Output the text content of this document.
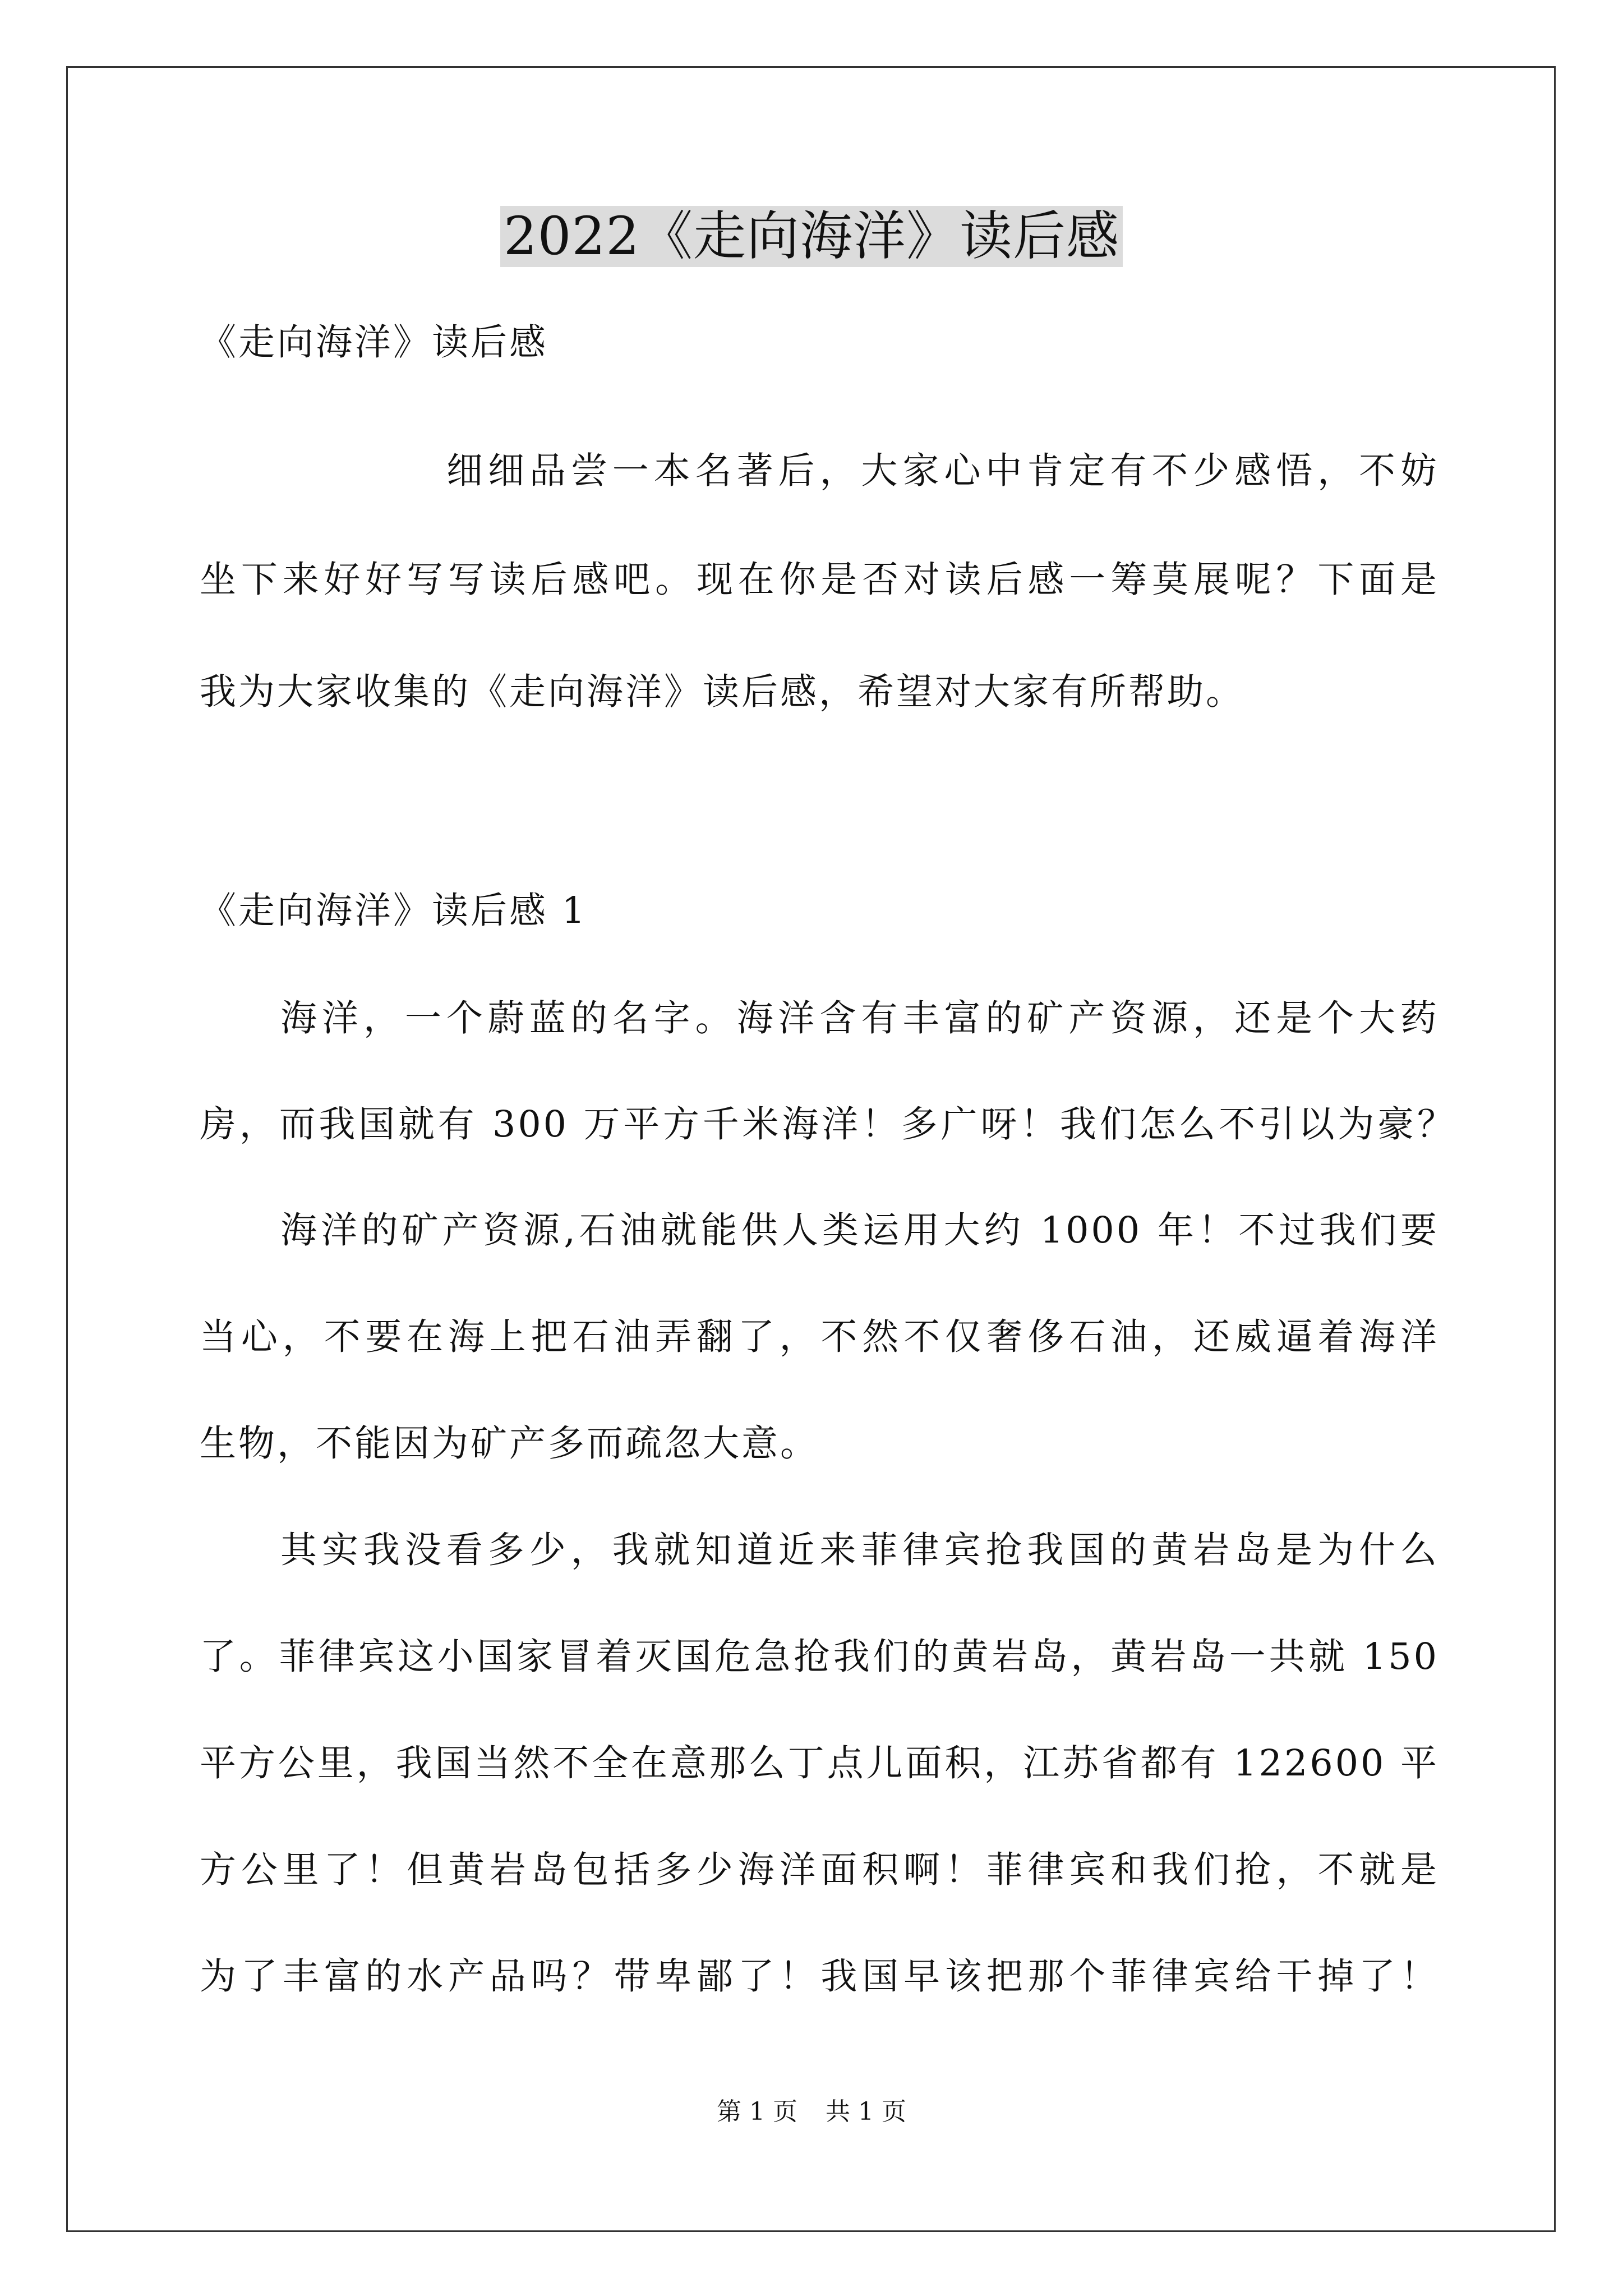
2022《走向海洋》读后感
《走向海洋》读后感
细细品尝一本名著后，大家心中肯定有不少感悟，不妨
坐下来好好写写读后感吧。现在你是否对读后感一筹莫展呢？下面是
我为大家收集的《走向海洋》读后感，希望对大家有所帮助。
《走向海洋》读后感 1
海洋，一个蔚蓝的名字。海洋含有丰富的矿产资源，还是个大药
房，而我国就有 300 万平方千米海洋！多广呀！我们怎么不引以为豪？
海洋的矿产资源,石油就能供人类运用大约 1000 年！不过我们要
当心，不要在海上把石油弄翻了，不然不仅奢侈石油，还威逼着海洋
生物，不能因为矿产多而疏忽大意。
其实我没看多少，我就知道近来菲律宾抢我国的黄岩岛是为什么
了。菲律宾这小国家冒着灭国危急抢我们的黄岩岛，黄岩岛一共就 150
平方公里，我国当然不全在意那么丁点儿面积，江苏省都有 122600 平
方公里了！但黄岩岛包括多少海洋面积啊！菲律宾和我们抢，不就是
为了丰富的水产品吗？带卑鄙了！我国早该把那个菲律宾给干掉了！
第 1 页 共 1 页
